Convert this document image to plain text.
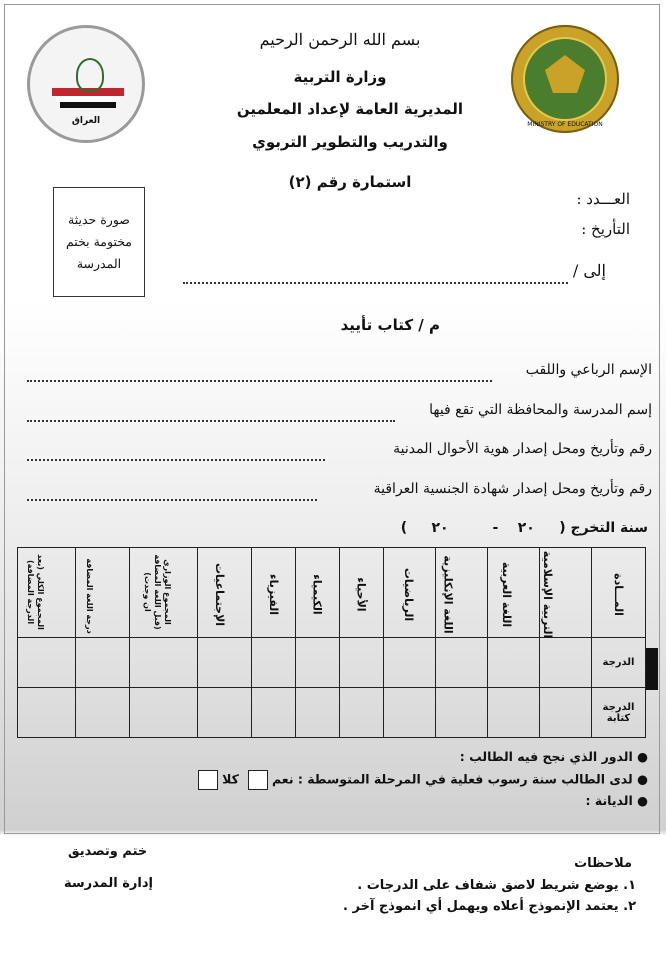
MINISTRY OF EDUCATION
العراق
بسم الله الرحمن الرحيم
وزارة التربية
المديرية العامة لإعداد المعلمين
والتدريب والتطوير التربوي
استمارة رقم (٢)
العـــدد :
التأريخ :
إلى /
صورة حديثة
مختومة بختم
المدرسة
م / كتاب تأييد
الإسم الرباعي واللقب
إسم المدرسة والمحافظة التي تقع فيها
رقم وتأريخ ومحل إصدار هوية الأحوال المدنية
رقم وتأريخ ومحل إصدار شهادة الجنسية العراقية
سنة التخرج (     ٢٠    -         ٢٠     )
المـــادة	التربية الإسلامية	اللغة العربية	اللغة الإنكليزية	الرياضيات	الأحياء	الكيمياء	الفيزياء	الإجتماعيات	المجموع الوزاري (قبل اللغة المضافة ان وجدت)	درجة اللغة المضافة	المجموع الكلي (بعد الدرجة المضافة)
الدرجة											
الدرجة كتابة											
● الدور الذي نجح فيه الطالب :
● لدى الطالب سنة رسوب فعلية في المرحلة المتوسطة : نعم   كلا
● الديانة :
ختم وتصديق
إدارة المدرسة
ملاحظات
١. يوضع شريط لاصق شفاف على الدرجات .
٢. يعتمد الإنموذج أعلاه ويهمل أي انموذج آخر .
